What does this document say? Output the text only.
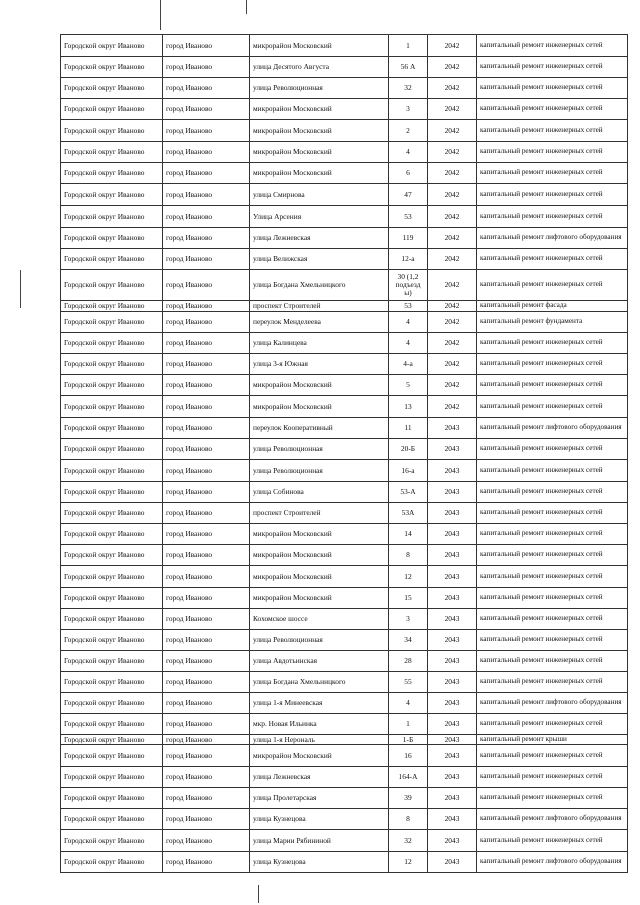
Городской округ Иваново	город Иваново	микрорайон Московский	1	2042	капитальный ремонт инженерных сетей
Городской округ Иваново	город Иваново	улица Десятого Августа	56 А	2042	капитальный ремонт инженерных сетей
Городской округ Иваново	город Иваново	улица Революционная	32	2042	капитальный ремонт инженерных сетей
Городской округ Иваново	город Иваново	микрорайон Московский	3	2042	капитальный ремонт инженерных сетей
Городской округ Иваново	город Иваново	микрорайон Московский	2	2042	капитальный ремонт инженерных сетей
Городской округ Иваново	город Иваново	микрорайон Московский	4	2042	капитальный ремонт инженерных сетей
Городской округ Иваново	город Иваново	микрорайон Московский	6	2042	капитальный ремонт инженерных сетей
Городской округ Иваново	город Иваново	улица Смирнова	47	2042	капитальный ремонт инженерных сетей
Городской округ Иваново	город Иваново	Улица Арсения	53	2042	капитальный ремонт инженерных сетей
Городской округ Иваново	город Иваново	улица Лежневская	119	2042	капитальный ремонт лифтового оборудования
Городской округ Иваново	город Иваново	улица Велижская	12-а	2042	капитальный ремонт инженерных сетей
Городской округ Иваново	город Иваново	улица Богдана Хмельницкого	30 (1,2 подъезд ы)	2042	капитальный ремонт инженерных сетей
Городской округ Иваново	город Иваново	проспект Строителей	53	2042	капитальный ремонт фасада
Городской округ Иваново	город Иваново	переулок Менделеева	4	2042	капитальный ремонт фундамента
Городской округ Иваново	город Иваново	улица Калинцева	4	2042	капитальный ремонт инженерных сетей
Городской округ Иваново	город Иваново	улица 3-я Южная	4-а	2042	капитальный ремонт инженерных сетей
Городской округ Иваново	город Иваново	микрорайон Московский	5	2042	капитальный ремонт инженерных сетей
Городской округ Иваново	город Иваново	микрорайон Московский	13	2042	капитальный ремонт инженерных сетей
Городской округ Иваново	город Иваново	переулок Кооперативный	11	2043	капитальный ремонт лифтового оборудования
Городской округ Иваново	город Иваново	улица Революционная	20-Б	2043	капитальный ремонт инженерных сетей
Городской округ Иваново	город Иваново	улица Революционная	16-а	2043	капитальный ремонт инженерных сетей
Городской округ Иваново	город Иваново	улица Собинова	53-А	2043	капитальный ремонт инженерных сетей
Городской округ Иваново	город Иваново	проспект Строителей	53А	2043	капитальный ремонт инженерных сетей
Городской округ Иваново	город Иваново	микрорайон Московский	14	2043	капитальный ремонт инженерных сетей
Городской округ Иваново	город Иваново	микрорайон Московский	8	2043	капитальный ремонт инженерных сетей
Городской округ Иваново	город Иваново	микрорайон Московский	12	2043	капитальный ремонт инженерных сетей
Городской округ Иваново	город Иваново	микрорайон Московский	15	2043	капитальный ремонт инженерных сетей
Городской округ Иваново	город Иваново	Кохомское шоссе	3	2043	капитальный ремонт инженерных сетей
Городской округ Иваново	город Иваново	улица Революционная	34	2043	капитальный ремонт инженерных сетей
Городской округ Иваново	город Иваново	улица Авдотьинская	28	2043	капитальный ремонт инженерных сетей
Городской округ Иваново	город Иваново	улица Богдана Хмельницкого	55	2043	капитальный ремонт инженерных сетей
Городской округ Иваново	город Иваново	улица 1-я Минеевская	4	2043	капитальный ремонт лифтового оборудования
Городской округ Иваново	город Иваново	мкр. Новая Ильинка	1	2043	капитальный ремонт инженерных сетей
Городской округ Иваново	город Иваново	улица 1-я Нерональ	1-Б	2043	капитальный ремонт крыши
Городской округ Иваново	город Иваново	микрорайон Московский	16	2043	капитальный ремонт инженерных сетей
Городской округ Иваново	город Иваново	улица Лежневская	164-А	2043	капитальный ремонт инженерных сетей
Городской округ Иваново	город Иваново	улица Пролетарская	39	2043	капитальный ремонт инженерных сетей
Городской округ Иваново	город Иваново	улица Кузнецова	8	2043	капитальный ремонт лифтового оборудования
Городской округ Иваново	город Иваново	улица Марии Рябининой	32	2043	капитальный ремонт инженерных сетей
Городской округ Иваново	город Иваново	улица Кузнецова	12	2043	капитальный ремонт лифтового оборудования
